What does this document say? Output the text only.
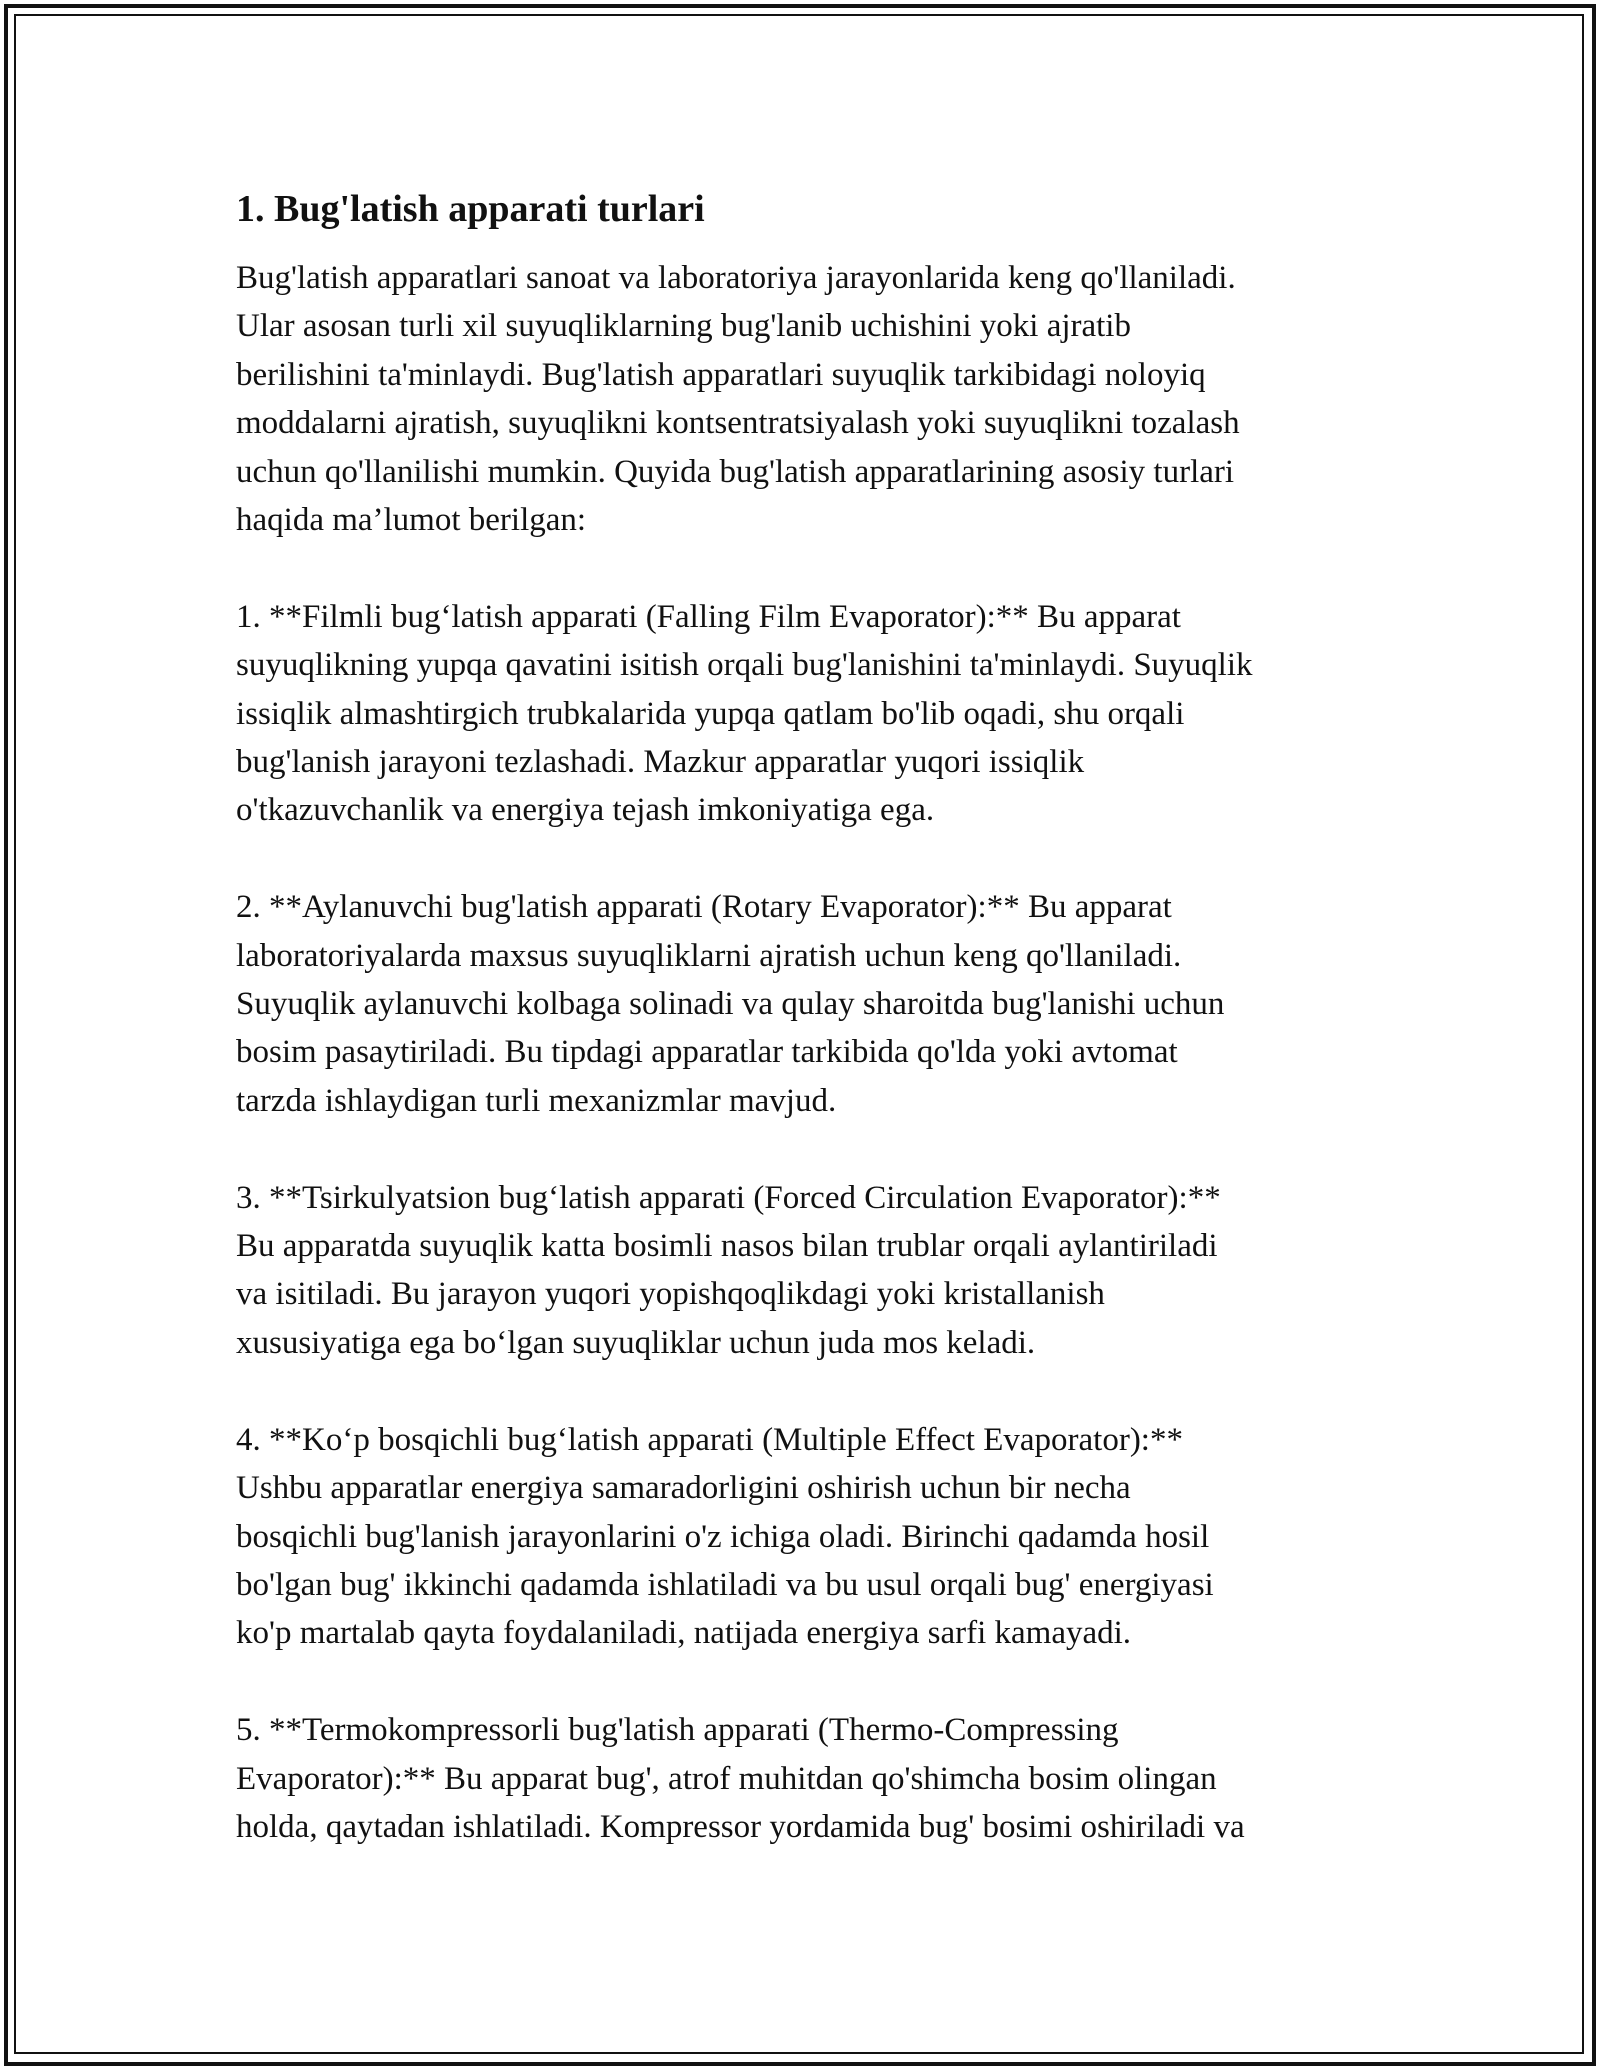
1. Bug'latish apparati turlari

Bug'latish apparatlari sanoat va laboratoriya jarayonlarida keng qo'llaniladi.
Ular asosan turli xil suyuqliklarning bug'lanib uchishini yoki ajratib
berilishini ta'minlaydi. Bug'latish apparatlari suyuqlik tarkibidagi noloyiq
moddalarni ajratish, suyuqlikni kontsentratsiyalash yoki suyuqlikni tozalash
uchun qo'llanilishi mumkin. Quyida bug'latish apparatlarining asosiy turlari
haqida ma’lumot berilgan:

1. **Filmli bug‘latish apparati (Falling Film Evaporator):** Bu apparat
suyuqlikning yupqa qavatini isitish orqali bug'lanishini ta'minlaydi. Suyuqlik
issiqlik almashtirgich trubkalarida yupqa qatlam bo'lib oqadi, shu orqali
bug'lanish jarayoni tezlashadi. Mazkur apparatlar yuqori issiqlik
o'tkazuvchanlik va energiya tejash imkoniyatiga ega.

2. **Aylanuvchi bug'latish apparati (Rotary Evaporator):** Bu apparat
laboratoriyalarda maxsus suyuqliklarni ajratish uchun keng qo'llaniladi.
Suyuqlik aylanuvchi kolbaga solinadi va qulay sharoitda bug'lanishi uchun
bosim pasaytiriladi. Bu tipdagi apparatlar tarkibida qo'lda yoki avtomat
tarzda ishlaydigan turli mexanizmlar mavjud.

3. **Tsirkulyatsion bug‘latish apparati (Forced Circulation Evaporator):**
Bu apparatda suyuqlik katta bosimli nasos bilan trublar orqali aylantiriladi
va isitiladi. Bu jarayon yuqori yopishqoqlikdagi yoki kristallanish
xususiyatiga ega bo‘lgan suyuqliklar uchun juda mos keladi.

4. **Ko‘p bosqichli bug‘latish apparati (Multiple Effect Evaporator):**
Ushbu apparatlar energiya samaradorligini oshirish uchun bir necha
bosqichli bug'lanish jarayonlarini o'z ichiga oladi. Birinchi qadamda hosil
bo'lgan bug' ikkinchi qadamda ishlatiladi va bu usul orqali bug' energiyasi
ko'p martalab qayta foydalaniladi, natijada energiya sarfi kamayadi.

5. **Termokompressorli bug'latish apparati (Thermo-Compressing
Evaporator):** Bu apparat bug', atrof muhitdan qo'shimcha bosim olingan
holda, qaytadan ishlatiladi. Kompressor yordamida bug' bosimi oshiriladi va
